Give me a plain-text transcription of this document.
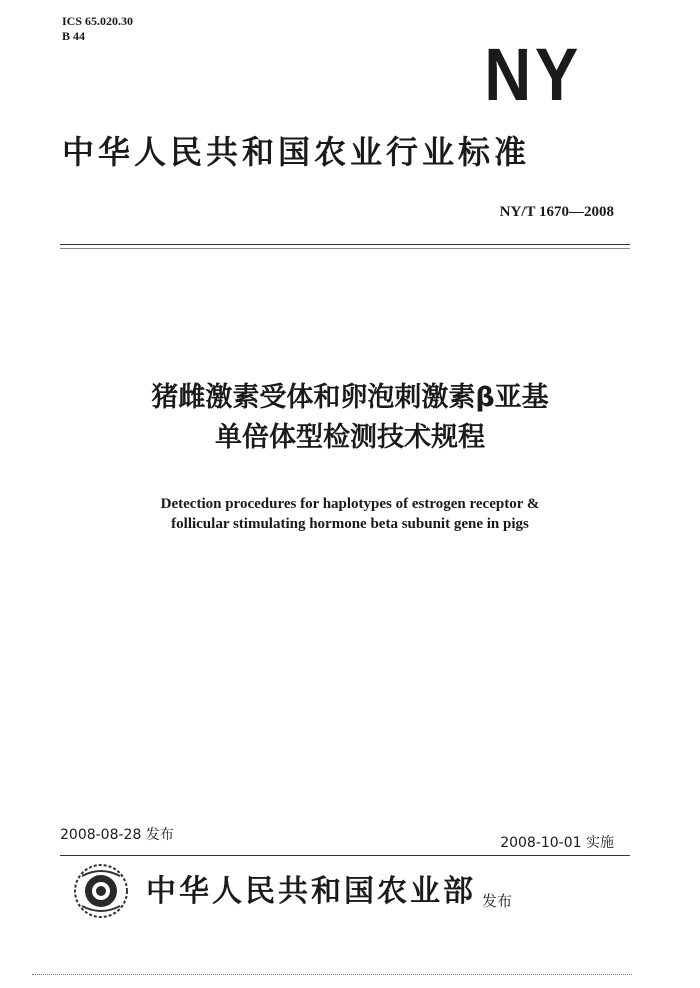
ICS 65.020.30
B 44	NY
中华人民共和国农业行业标准
NY/T 1670—2008
猪雌激素受体和卵泡刺激素β亚基
单倍体型检测技术规程
Detection procedures for haplotypes of estrogen receptor &
follicular stimulating hormone beta subunit gene in pigs
2008-08-28 发布	2008-10-01 实施
中华人民共和国农业部 发布
